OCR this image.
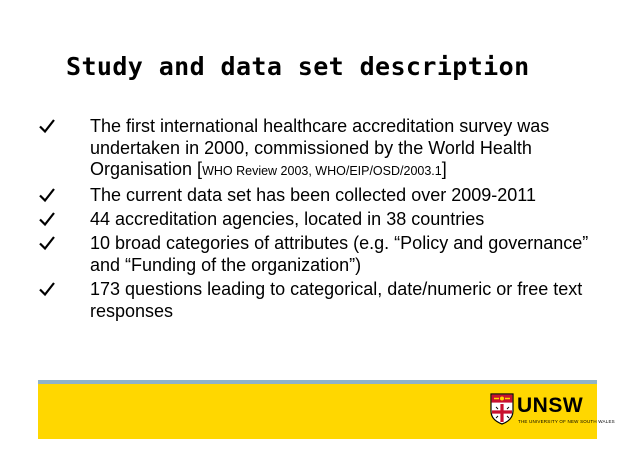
Study and data set description
The first international healthcare accreditation survey was undertaken in 2000, commissioned by the World Health Organisation [WHO Review 2003, WHO/EIP/OSD/2003.1]
The current data set has been collected over 2009-2011
44 accreditation agencies, located in 38 countries
10 broad categories of attributes (e.g. “Policy and governance” and “Funding of the organization”)
173 questions leading to categorical, date/numeric or free text responses
UNSW
THE UNIVERSITY OF NEW SOUTH WALES
